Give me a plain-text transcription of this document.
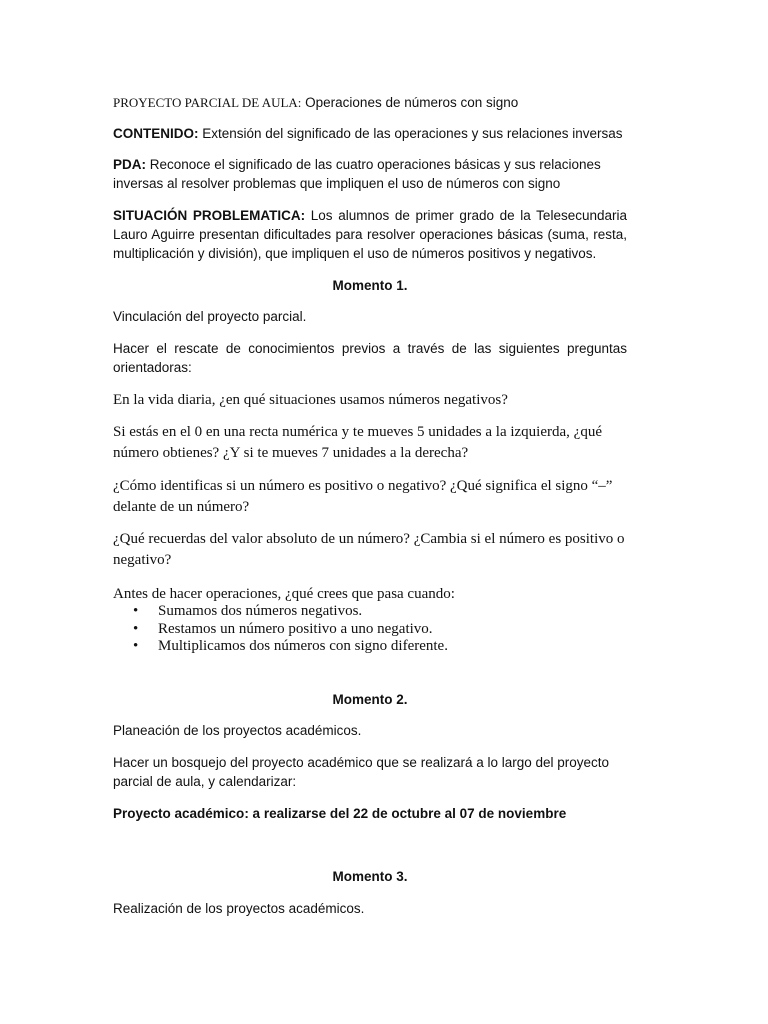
PROYECTO PARCIAL DE AULA: Operaciones de números con signo

CONTENIDO: Extensión del significado de las operaciones y sus relaciones inversas

PDA: Reconoce el significado de las cuatro operaciones básicas y sus relaciones inversas al resolver problemas que impliquen el uso de números con signo

SITUACIÓN PROBLEMATICA: Los alumnos de primer grado de la Telesecundaria Lauro Aguirre presentan dificultades para resolver operaciones básicas (suma, resta, multiplicación y división), que impliquen el uso de números positivos y negativos.

Momento 1.

Vinculación del proyecto parcial.

Hacer el rescate de conocimientos previos a través de las siguientes preguntas orientadoras:

En la vida diaria, ¿en qué situaciones usamos números negativos?

Si estás en el 0 en una recta numérica y te mueves 5 unidades a la izquierda, ¿qué número obtienes? ¿Y si te mueves 7 unidades a la derecha?

¿Cómo identificas si un número es positivo o negativo? ¿Qué significa el signo “–” delante de un número?

¿Qué recuerdas del valor absoluto de un número? ¿Cambia si el número es positivo o negativo?

Antes de hacer operaciones, ¿qué crees que pasa cuando:

• Sumamos dos números negativos.
• Restamos un número positivo a uno negativo.
• Multiplicamos dos números con signo diferente.

Momento 2.

Planeación de los proyectos académicos.

Hacer un bosquejo del proyecto académico que se realizará a lo largo del proyecto parcial de aula, y calendarizar:

Proyecto académico: a realizarse del 22 de octubre al 07 de noviembre

Momento 3.

Realización de los proyectos académicos.
